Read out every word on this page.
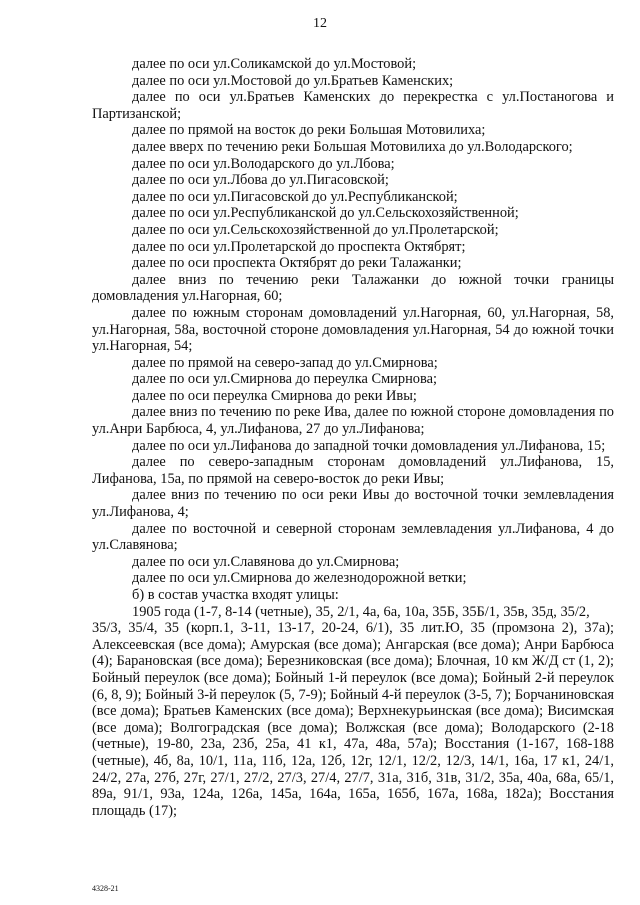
12

далее по оси ул.Соликамской до ул.Мостовой;

далее по оси ул.Мостовой до ул.Братьев Каменских;

далее по оси ул.Братьев Каменских до перекрестка с ул.Постаногова и Партизанской;

далее по прямой на восток до реки Большая Мотовилиха;

далее вверх по течению реки Большая Мотовилиха до ул.Володарского;

далее по оси ул.Володарского до ул.Лбова;

далее по оси ул.Лбова до ул.Пигасовской;

далее по оси ул.Пигасовской до ул.Республиканской;

далее по оси ул.Республиканской до ул.Сельскохозяйственной;

далее по оси ул.Сельскохозяйственной до ул.Пролетарской;

далее по оси ул.Пролетарской до проспекта Октябрят;

далее по оси проспекта Октябрят до реки Талажанки;

далее вниз по течению реки Талажанки до южной точки границы домовладения ул.Нагорная, 60;

далее по южным сторонам домовладений ул.Нагорная, 60, ул.Нагорная, 58, ул.Нагорная, 58а, восточной стороне домовладения ул.Нагорная, 54 до южной точки ул.Нагорная, 54;

далее по прямой на северо-запад до ул.Смирнова;

далее по оси ул.Смирнова до переулка Смирнова;

далее по оси переулка Смирнова до реки Ивы;

далее вниз по течению по реке Ива, далее по южной стороне домовладения по ул.Анри Барбюса, 4, ул.Лифанова, 27 до ул.Лифанова;

далее по оси ул.Лифанова до западной точки домовладения ул.Лифанова, 15;

далее по северо-западным сторонам домовладений ул.Лифанова, 15, Лифанова, 15а, по прямой на северо-восток до реки Ивы;

далее вниз по течению по оси реки Ивы до восточной точки землевладения ул.Лифанова, 4;

далее по восточной и северной сторонам землевладения ул.Лифанова, 4 до ул.Славянова;

далее по оси ул.Славянова до ул.Смирнова;

далее по оси ул.Смирнова до железнодорожной ветки;

б) в состав участка входят улицы:

1905 года (1-7, 8-14 (четные), 35, 2/1, 4а, 6а, 10а, 35Б, 35Б/1, 35в, 35д, 35/2,

35/3, 35/4, 35 (корп.1, 3-11, 13-17, 20-24, 6/1), 35 лит.Ю, 35 (промзона 2), 37а); Алексеевская (все дома); Амурская (все дома); Ангарская (все дома); Анри Барбюса (4); Барановская (все дома); Березниковская (все дома); Блочная, 10 км Ж/Д ст (1, 2); Бойный переулок (все дома); Бойный 1-й переулок (все дома); Бойный 2-й переулок (6, 8, 9); Бойный 3-й переулок (5, 7-9); Бойный 4-й переулок (3-5, 7); Борчаниновская (все дома); Братьев Каменских (все дома); Верхнекурьинская (все дома); Висимская (все дома); Волгоградская (все дома); Волжская (все дома); Володарского (2-18 (четные), 19-80, 23а, 23б, 25а, 41 к1, 47а, 48а, 57а); Восстания (1-167, 168-188 (четные), 4б, 8а, 10/1, 11а, 11б, 12а, 12б, 12г, 12/1, 12/2, 12/3, 14/1, 16а, 17 к1, 24/1, 24/2, 27а, 27б, 27г, 27/1, 27/2, 27/3, 27/4, 27/7, 31а, 31б, 31в, 31/2, 35а, 40а, 68а, 65/1, 89а, 91/1, 93а, 124а, 126а, 145а, 164а, 165а, 165б, 167а, 168а, 182а); Восстания площадь (17);

4328-21
